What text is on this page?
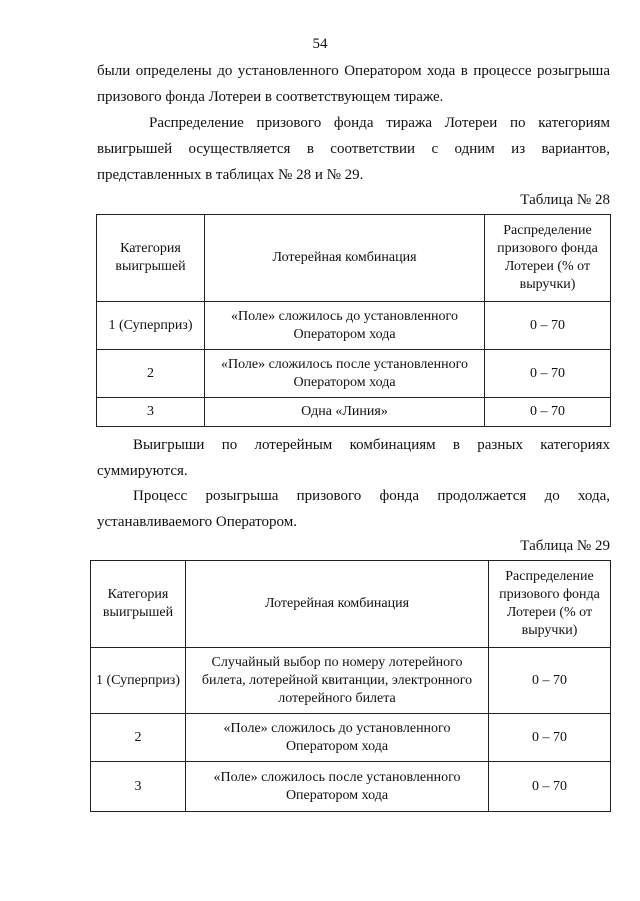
54
были определены до установленного Оператором хода в процессе розыгрыша
призового фонда Лотереи в соответствующем тираже.
Распределение призового фонда тиража Лотереи по категориям
выигрышей осуществляется в соответствии с одним из вариантов,
представленных в таблицах № 28 и № 29.
Таблица № 28
Категория выигрышей	Лотерейная комбинация	Распределение призового фонда Лотереи (% от выручки)
1 (Суперприз)	«Поле» сложилось до установленного Оператором хода	0 – 70
2	«Поле» сложилось после установленного Оператором хода	0 – 70
3	Одна «Линия»	0 – 70
Выигрыши по лотерейным комбинациям в разных категориях
суммируются.
Процесс розыгрыша призового фонда продолжается до хода,
устанавливаемого Оператором.
Таблица № 29
Категория выигрышей	Лотерейная комбинация	Распределение призового фонда Лотереи (% от выручки)
1 (Суперприз)	Случайный выбор по номеру лотерейного билета, лотерейной квитанции, электронного лотерейного билета	0 – 70
2	«Поле» сложилось до установленного Оператором хода	0 – 70
3	«Поле» сложилось после установленного Оператором хода	0 – 70
